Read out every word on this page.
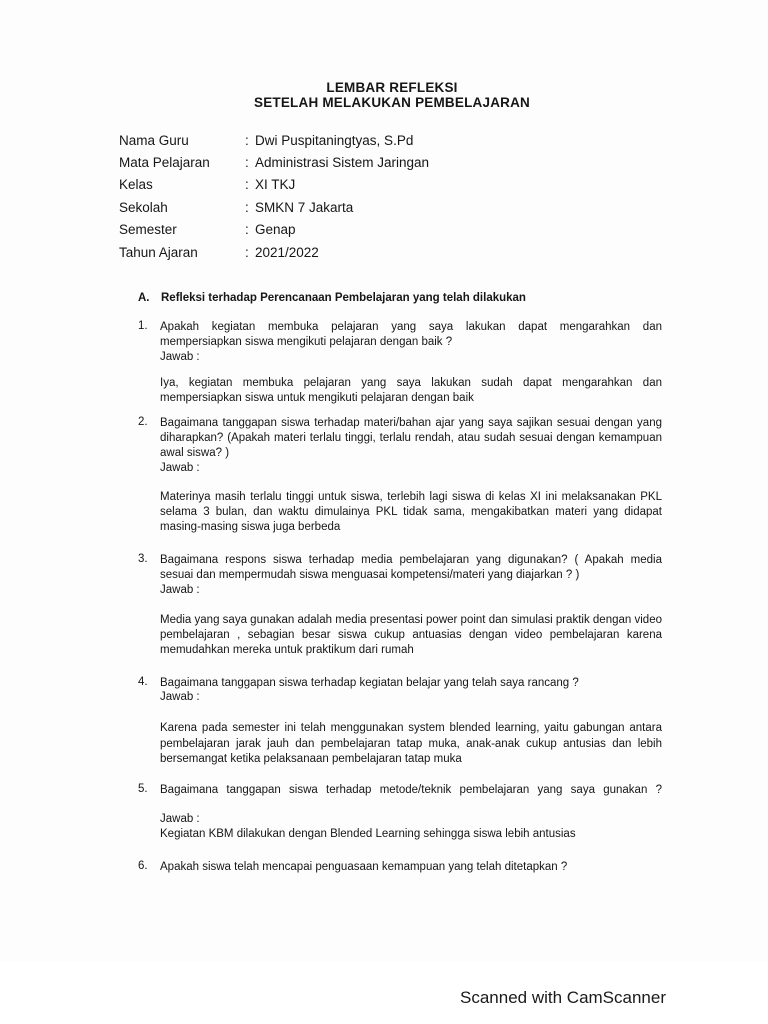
LEMBAR REFLEKSI
SETELAH MELAKUKAN PEMBELAJARAN
Nama Guru	: Dwi Puspitaningtyas, S.Pd
Mata Pelajaran	: Administrasi Sistem Jaringan
Kelas	: XI TKJ
Sekolah	: SMKN 7 Jakarta
Semester	: Genap
Tahun Ajaran	: 2021/2022
A. Refleksi terhadap Perencanaan Pembelajaran yang telah dilakukan
1. Apakah kegiatan membuka pelajaran yang saya lakukan dapat mengarahkan dan
mempersiapkan siswa mengikuti pelajaran dengan baik ?
Jawab :
Iya, kegiatan membuka pelajaran yang saya lakukan sudah dapat mengarahkan dan
mempersiapkan siswa untuk mengikuti pelajaran dengan baik
2. Bagaimana tanggapan siswa terhadap materi/bahan ajar yang saya sajikan sesuai dengan yang
diharapkan? (Apakah materi terlalu tinggi, terlalu rendah, atau sudah sesuai dengan kemampuan
awal siswa? )
Jawab :
Materinya masih terlalu tinggi untuk siswa, terlebih lagi siswa di kelas XI ini melaksanakan PKL
selama 3 bulan, dan waktu dimulainya PKL tidak sama, mengakibatkan materi yang didapat
masing-masing siswa juga berbeda
3. Bagaimana respons siswa terhadap media pembelajaran yang digunakan? ( Apakah media
sesuai dan mempermudah siswa menguasai kompetensi/materi yang diajarkan ? )
Jawab :
Media yang saya gunakan adalah media presentasi power point dan simulasi praktik dengan video
pembelajaran , sebagian besar siswa cukup antuasias dengan video pembelajaran karena
memudahkan mereka untuk praktikum dari rumah
4. Bagaimana tanggapan siswa terhadap kegiatan belajar yang telah saya rancang ?
Jawab :
Karena pada semester ini telah menggunakan system blended learning, yaitu gabungan antara
pembelajaran jarak jauh dan pembelajaran tatap muka, anak-anak cukup antusias dan lebih
bersemangat ketika pelaksanaan pembelajaran tatap muka
5. Bagaimana tanggapan siswa terhadap metode/teknik pembelajaran yang saya gunakan ?
Jawab :
Kegiatan KBM dilakukan dengan Blended Learning sehingga siswa lebih antusias
6. Apakah siswa telah mencapai penguasaan kemampuan yang telah ditetapkan ?
Scanned with CamScanner
